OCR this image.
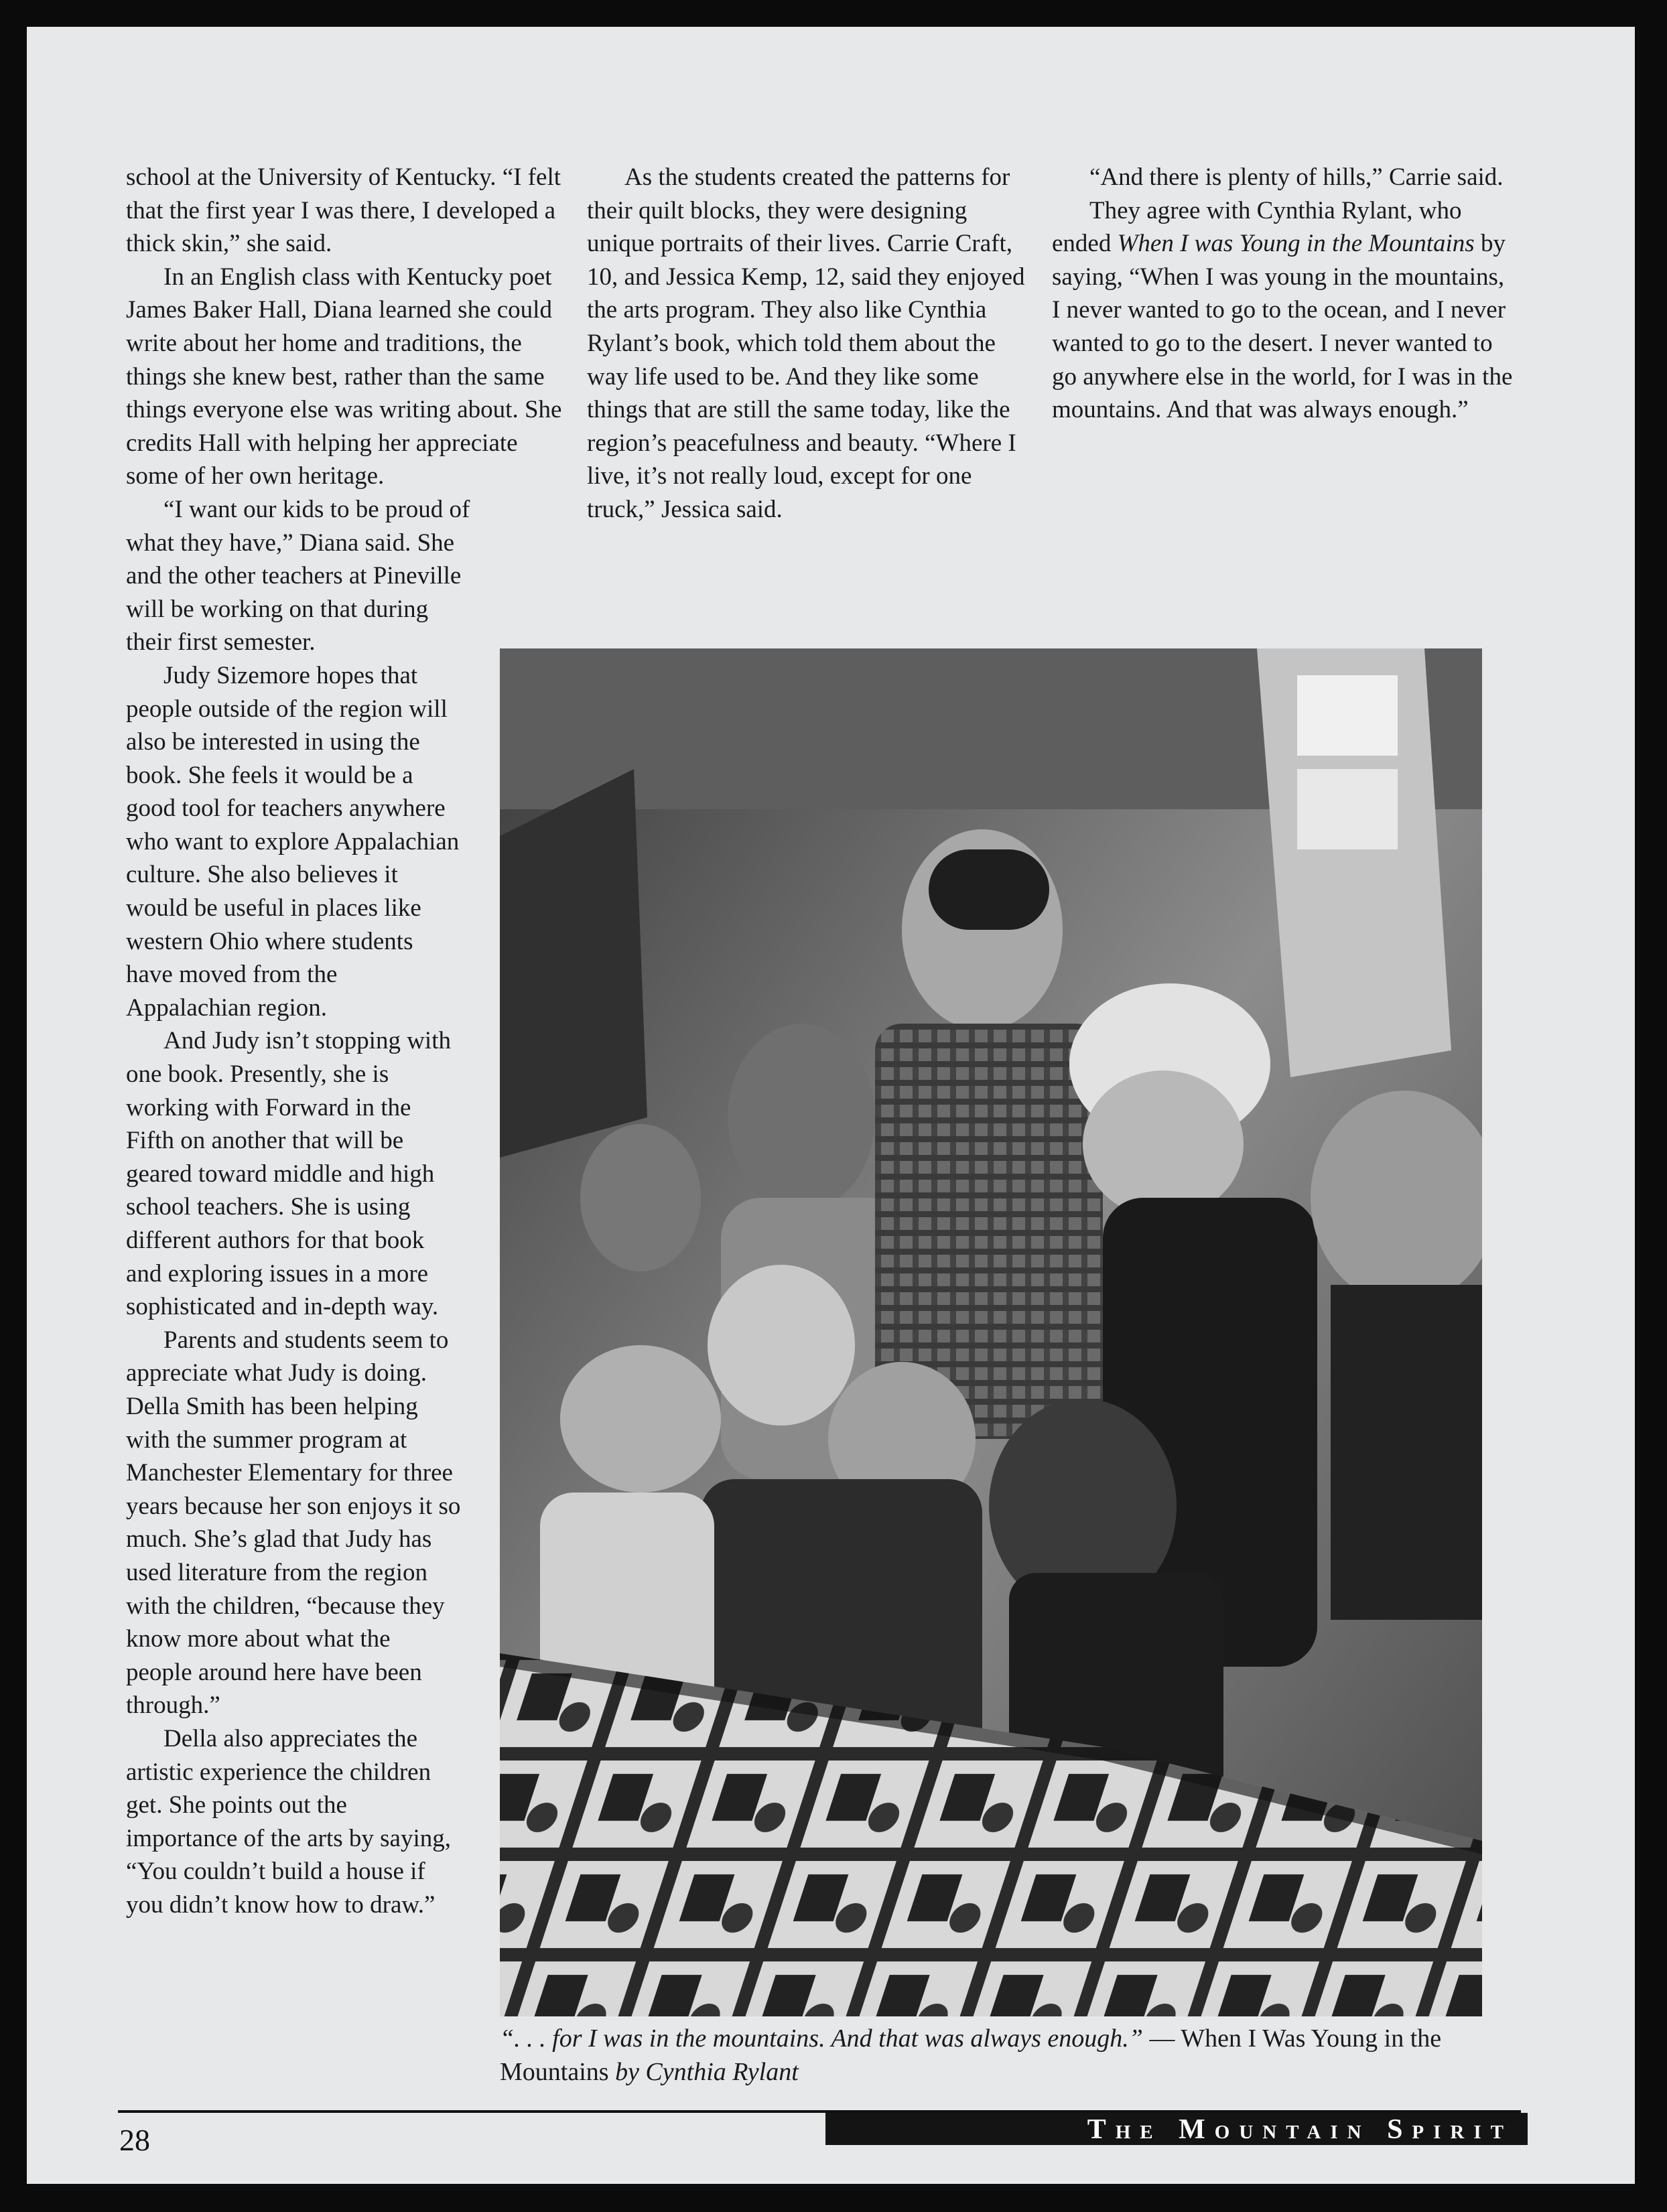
school at the University of Kentucky. “I felt that the first year I was there, I developed a thick skin,” she said.

In an English class with Kentucky poet James Baker Hall, Diana learned she could write about her home and traditions, the things she knew best, rather than the same things everyone else was writing about. She credits Hall with helping her appreciate some of her own heritage.

“I want our kids to be proud of what they have,” Diana said. She and the other teachers at Pineville will be working on that during their first semester.

Judy Sizemore hopes that people outside of the region will also be interested in using the book. She feels it would be a good tool for teachers anywhere who want to explore Appalachian culture. She also believes it would be useful in places like western Ohio where students have moved from the Appalachian region.

And Judy isn’t stopping with one book. Presently, she is working with Forward in the Fifth on another that will be geared toward middle and high school teachers. She is using different authors for that book and exploring issues in a more sophisticated and in-depth way.

Parents and students seem to appreciate what Judy is doing. Della Smith has been helping with the summer program at Manchester Elementary for three years because her son enjoys it so much. She’s glad that Judy has used literature from the region with the children, “because they know more about what the people around here have been through.”

Della also appreciates the artistic experience the children get. She points out the importance of the arts by saying, “You couldn’t build a house if you didn’t know how to draw.”

As the students created the patterns for their quilt blocks, they were designing unique portraits of their lives. Carrie Craft, 10, and Jessica Kemp, 12, said they enjoyed the arts program. They also like Cynthia Rylant’s book, which told them about the way life used to be. And they like some things that are still the same today, like the region’s peacefulness and beauty. “Where I live, it’s not really loud, except for one truck,” Jessica said.

“And there is plenty of hills,” Carrie said.

They agree with Cynthia Rylant, who ended When I was Young in the Mountains by saying, “When I was young in the mountains, I never wanted to go to the ocean, and I never wanted to go to the desert. I never wanted to go anywhere else in the world, for I was in the mountains. And that was always enough.”

“. . . for I was in the mountains. And that was always enough.” — When I Was Young in the Mountains by Cynthia Rylant
28	The Mountain Spirit
